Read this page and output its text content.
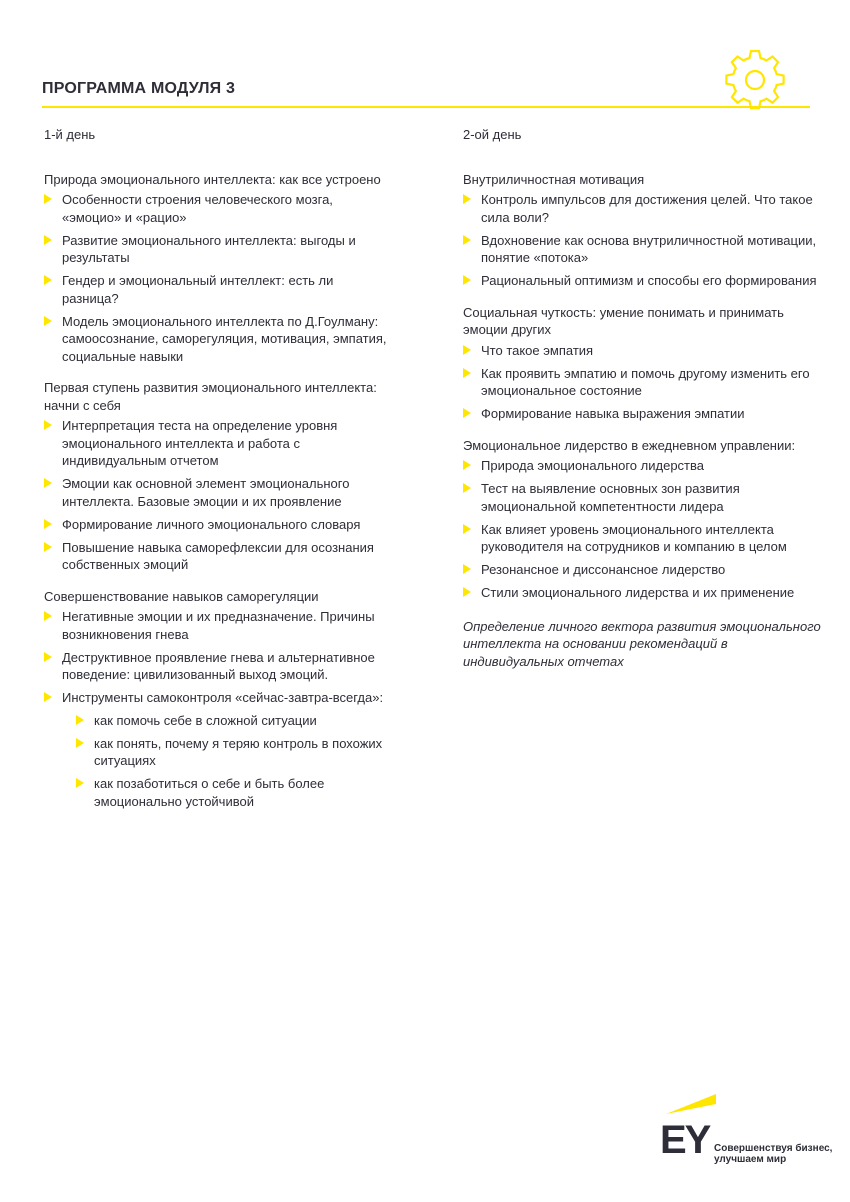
ПРОГРАММА МОДУЛЯ 3
1-й день
Природа эмоционального интеллекта: как все устроено
Особенности строения человеческого мозга, «эмоцио» и «рацио»
Развитие эмоционального интеллекта: выгоды и результаты
Гендер и эмоциональный интеллект: есть ли разница?
Модель эмоционального интеллекта по Д.Гоулману: самоосознание, саморегуляция, мотивация, эмпатия, социальные навыки
Первая ступень развития эмоционального интеллекта: начни с себя
Интерпретация теста на определение уровня эмоционального интеллекта и работа с индивидуальным отчетом
Эмоции как основной элемент эмоционального интеллекта. Базовые эмоции и их проявление
Формирование личного эмоционального словаря
Повышение навыка саморефлексии для осознания собственных эмоций
Совершенствование навыков саморегуляции
Негативные эмоции и их предназначение. Причины возникновения гнева
Деструктивное проявление гнева и альтернативное поведение: цивилизованный выход эмоций.
Инструменты самоконтроля «сейчас-завтра-всегда»:
как помочь себе в сложной ситуации
как понять, почему я теряю контроль в похожих ситуациях
как позаботиться о себе и быть более эмоционально устойчивой
2-ой день
Внутриличностная мотивация
Контроль импульсов для достижения целей. Что такое сила воли?
Вдохновение как основа внутриличностной мотивации, понятие «потока»
Рациональный оптимизм и способы его формирования
Социальная чуткость: умение понимать и принимать эмоции других
Что такое эмпатия
Как проявить эмпатию и помочь другому изменить его эмоциональное состояние
Формирование навыка выражения эмпатии
Эмоциональное лидерство в ежедневном управлении:
Природа эмоционального лидерства
Тест на выявление основных зон развития эмоциональной компетентности лидера
Как влияет уровень эмоционального интеллекта руководителя на сотрудников и компанию в целом
Резонансное и диссонансное лидерство
Стили эмоционального лидерства и их применение
Определение личного вектора развития эмоционального интеллекта на основании рекомендаций в индивидуальных отчетах
EY Совершенствуя бизнес, улучшаем мир
